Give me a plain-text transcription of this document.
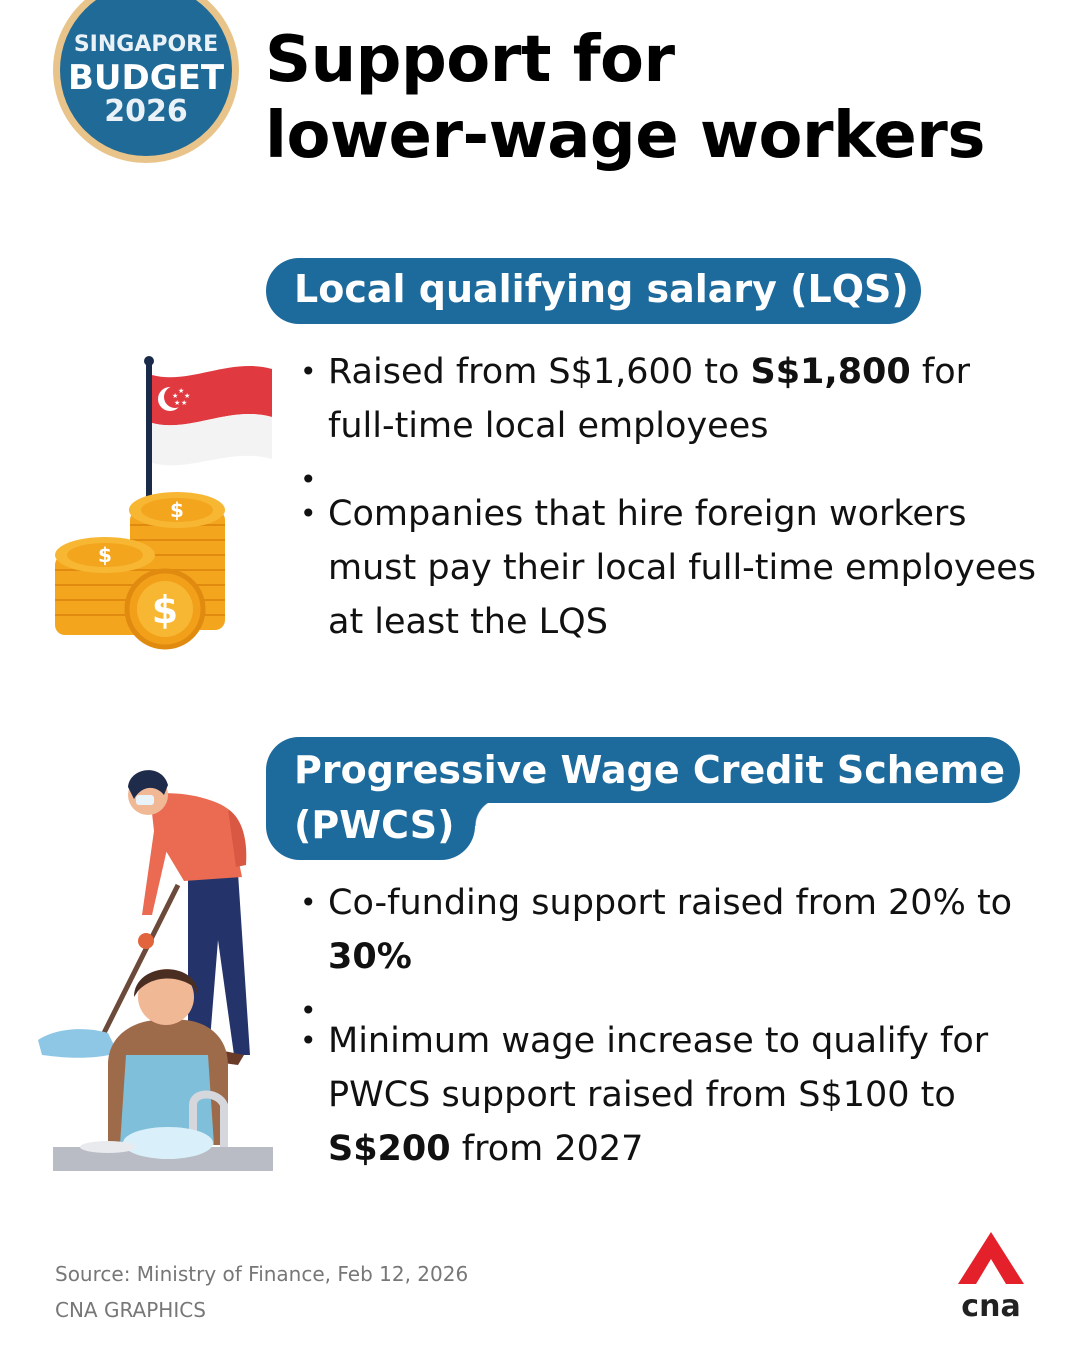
SINGAPORE
BUDGET
2026
Support for
lower-wage workers
Local qualifying salary (LQS)
★
★
★
★
★
$
$
$
• Raised from S$1,600 to S$1,800 for full-time local employees
•
• Companies that hire foreign workers must pay their local full-time employees at least the LQS
Progressive Wage Credit Scheme
(PWCS)
• Co-funding support raised from 20% to 30%
•
• Minimum wage increase to qualify for PWCS support raised from S$100 to S$200 from 2027
Source: Ministry of Finance, Feb 12, 2026
CNA GRAPHICS	cna
